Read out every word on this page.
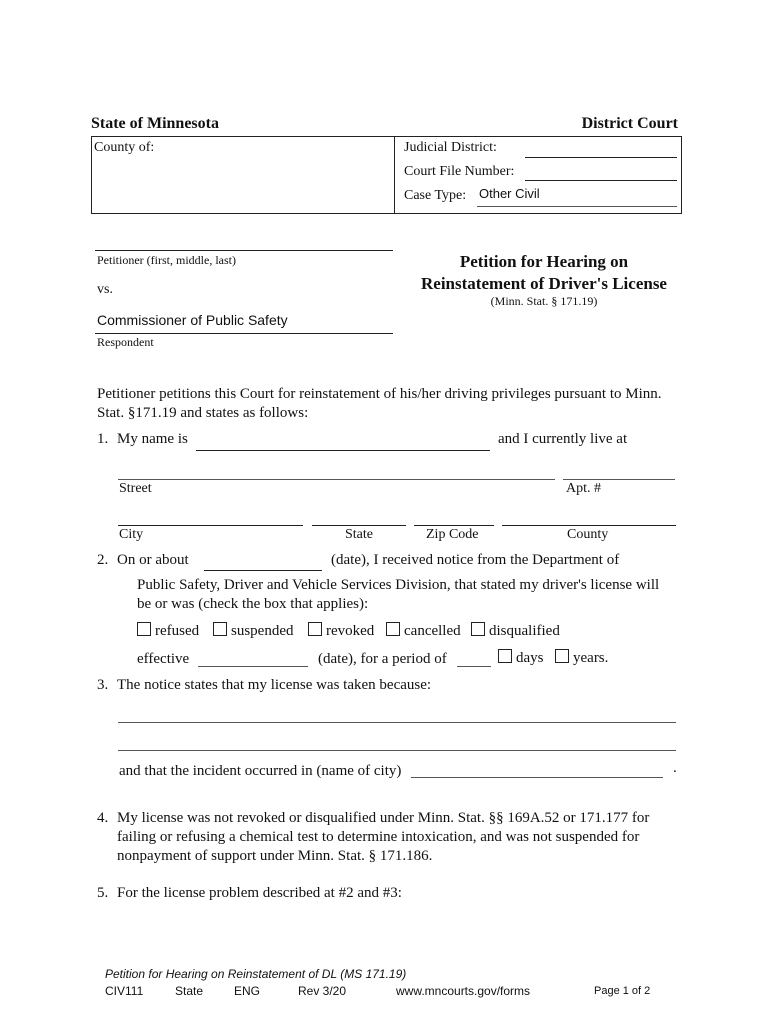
State of Minnesota	District Court
County of:	Judicial District:
Court File Number:
Case Type: Other Civil
Petitioner (first, middle, last)
vs.
Commissioner of Public Safety
Respondent
Petition for Hearing on
Reinstatement of Driver's License
(Minn. Stat. § 171.19)
Petitioner petitions this Court for reinstatement of his/her driving privileges pursuant to Minn.
Stat. §171.19 and states as follows:
1. My name is	and I currently live at
Street	Apt. #
City	State	Zip Code	County
2. On or about	(date), I received notice from the Department of
Public Safety, Driver and Vehicle Services Division, that stated my driver's license will
be or was (check the box that applies):
refused	suspended	revoked	cancelled	disqualified
effective	(date), for a period of	days	years.
3. The notice states that my license was taken because:
and that the incident occurred in (name of city)	.
4. My license was not revoked or disqualified under Minn. Stat. §§ 169A.52 or 171.177 for
failing or refusing a chemical test to determine intoxication, and was not suspended for
nonpayment of support under Minn. Stat. § 171.186.
5. For the license problem described at #2 and #3:
Petition for Hearing on Reinstatement of DL (MS 171.19)
CIV111	State	ENG	Rev 3/20	www.mncourts.gov/forms	Page 1 of 2
